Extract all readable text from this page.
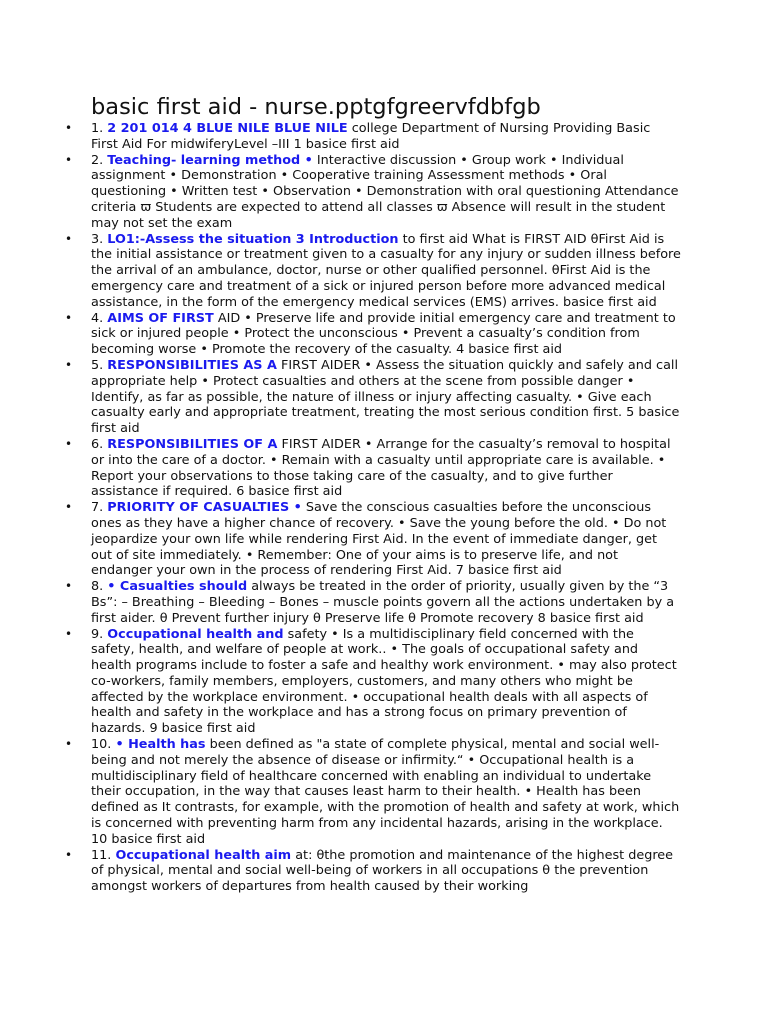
basic first aid - nurse.pptgfgreervfdbfgb
• 1. 2 201 014 4 BLUE NILE BLUE NILE college Department of Nursing Providing Basic First Aid For midwiferyLevel –III 1 basice first aid
• 2. Teaching- learning method • Interactive discussion • Group work • Individual assignment • Demonstration • Cooperative training Assessment methods • Oral questioning • Written test • Observation • Demonstration with oral questioning Attendance criteria ϖ Students are expected to attend all classes ϖ Absence will result in the student may not set the exam
• 3. LO1:-Assess the situation 3 Introduction to first aid What is FIRST AID θFirst Aid is the initial assistance or treatment given to a casualty for any injury or sudden illness before the arrival of an ambulance, doctor, nurse or other qualified personnel. θFirst Aid is the emergency care and treatment of a sick or injured person before more advanced medical assistance, in the form of the emergency medical services (EMS) arrives. basice first aid
• 4. AIMS OF FIRST AID • Preserve life and provide initial emergency care and treatment to sick or injured people • Protect the unconscious • Prevent a casualty’s condition from becoming worse • Promote the recovery of the casualty. 4 basice first aid
• 5. RESPONSIBILITIES AS A FIRST AIDER • Assess the situation quickly and safely and call appropriate help • Protect casualties and others at the scene from possible danger • Identify, as far as possible, the nature of illness or injury affecting casualty. • Give each casualty early and appropriate treatment, treating the most serious condition first. 5 basice first aid
• 6. RESPONSIBILITIES OF A FIRST AIDER • Arrange for the casualty’s removal to hospital or into the care of a doctor. • Remain with a casualty until appropriate care is available. • Report your observations to those taking care of the casualty, and to give further assistance if required. 6 basice first aid
• 7. PRIORITY OF CASUALTIES • Save the conscious casualties before the unconscious ones as they have a higher chance of recovery. • Save the young before the old. • Do not jeopardize your own life while rendering First Aid. In the event of immediate danger, get out of site immediately. • Remember: One of your aims is to preserve life, and not endanger your own in the process of rendering First Aid. 7 basice first aid
• 8. • Casualties should always be treated in the order of priority, usually given by the “3 Bs”: – Breathing – Bleeding – Bones – muscle points govern all the actions undertaken by a first aider. θ Prevent further injury θ Preserve life θ Promote recovery 8 basice first aid
• 9. Occupational health and safety • Is a multidisciplinary field concerned with the safety, health, and welfare of people at work.. • The goals of occupational safety and health programs include to foster a safe and healthy work environment. • may also protect co-workers, family members, employers, customers, and many others who might be affected by the workplace environment. • occupational health deals with all aspects of health and safety in the workplace and has a strong focus on primary prevention of hazards. 9 basice first aid
• 10. • Health has been defined as "a state of complete physical, mental and social well-being and not merely the absence of disease or infirmity.“ • Occupational health is a multidisciplinary field of healthcare concerned with enabling an individual to undertake their occupation, in the way that causes least harm to their health. • Health has been defined as It contrasts, for example, with the promotion of health and safety at work, which is concerned with preventing harm from any incidental hazards, arising in the workplace. 10 basice first aid
• 11. Occupational health aim at: θthe promotion and maintenance of the highest degree of physical, mental and social well-being of workers in all occupations θ the prevention amongst workers of departures from health caused by their working
